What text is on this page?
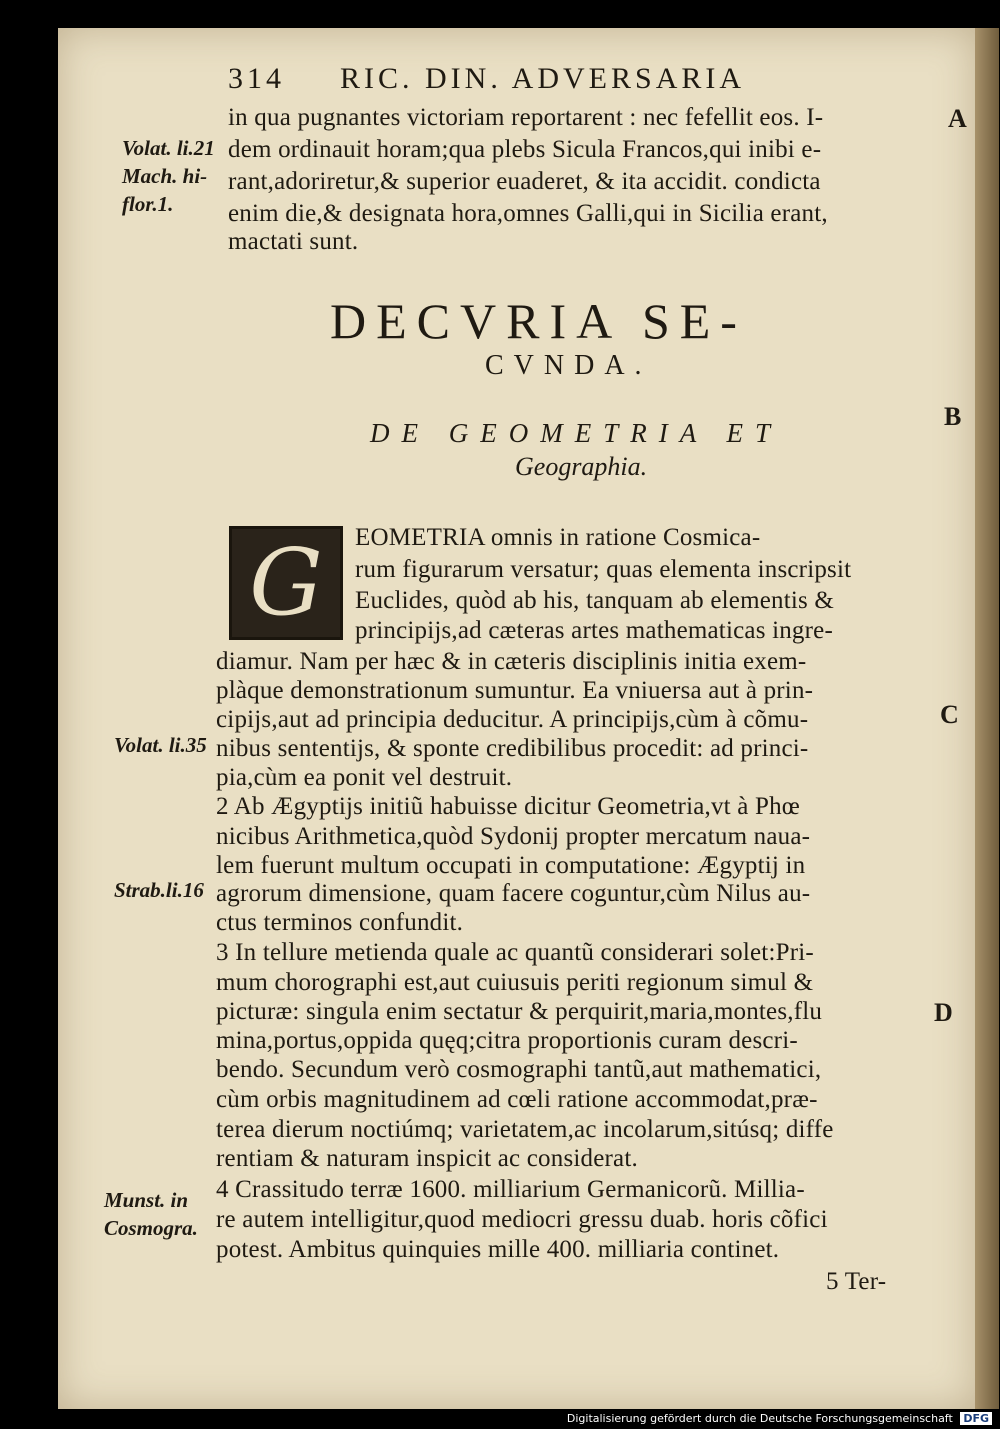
314 RIC. DIN. ADVERSARIA
in qua pugnantes victoriam reportarent : nec fefellit eos. I-
dem ordinauit horam;qua plebs Sicula Francos,qui inibi e-
rant,adoriretur,& superior euaderet, & ita accidit. condicta
enim die,& designata hora,omnes Galli,qui in Sicilia erant,
mactati sunt.
DECVRIA SE-
CVNDA.
DE GEOMETRIA ET
Geographia.
G EOMETRIA omnis in ratione Cosmica-
rum figurarum versatur; quas elementa inscripsit
Euclides, quòd ab his, tanquam ab elementis &
principijs,ad cæteras artes mathematicas ingre-
diamur. Nam per hæc & in cæteris disciplinis initia exem-
plàque demonstrationum sumuntur. Ea vniuersa aut à prin-
cipijs,aut ad principia deducitur. A principijs,cùm à cõmu-
nibus sententijs, & sponte credibilibus procedit: ad princi-
pia,cùm ea ponit vel destruit.
2 Ab Ægyptijs initiũ habuisse dicitur Geometria,vt à Phœ
nicibus Arithmetica,quòd Sydonij propter mercatum naua-
lem fuerunt multum occupati in computatione: Ægyptij in
agrorum dimensione, quam facere coguntur,cùm Nilus au-
ctus terminos confundit.
3 In tellure metienda quale ac quantũ considerari solet:Pri-
mum chorographi est,aut cuiusuis periti regionum simul &
picturæ: singula enim sectatur & perquirit,maria,montes,flu
mina,portus,oppida quęq;citra proportionis curam descri-
bendo. Secundum verò cosmographi tantũ,aut mathematici,
cùm orbis magnitudinem ad cœli ratione accommodat,præ-
terea dierum noctiúmq; varietatem,ac incolarum,sitúsq; diffe
rentiam & naturam inspicit ac considerat.
4 Crassitudo terræ 1600. milliarium Germanicorũ. Millia-
re autem intelligitur,quod mediocri gressu duab. horis cõfici
potest. Ambitus quinquies mille 400. milliaria continet.
5 Ter-
Volat. li.21
Mach. hi-
flor.1.
Volat. li.35
Strab.li.16
Munst. in
Cosmogra.
A
B
C
D
Digitalisierung gefördert durch die Deutsche Forschungsgemeinschaft DFG
